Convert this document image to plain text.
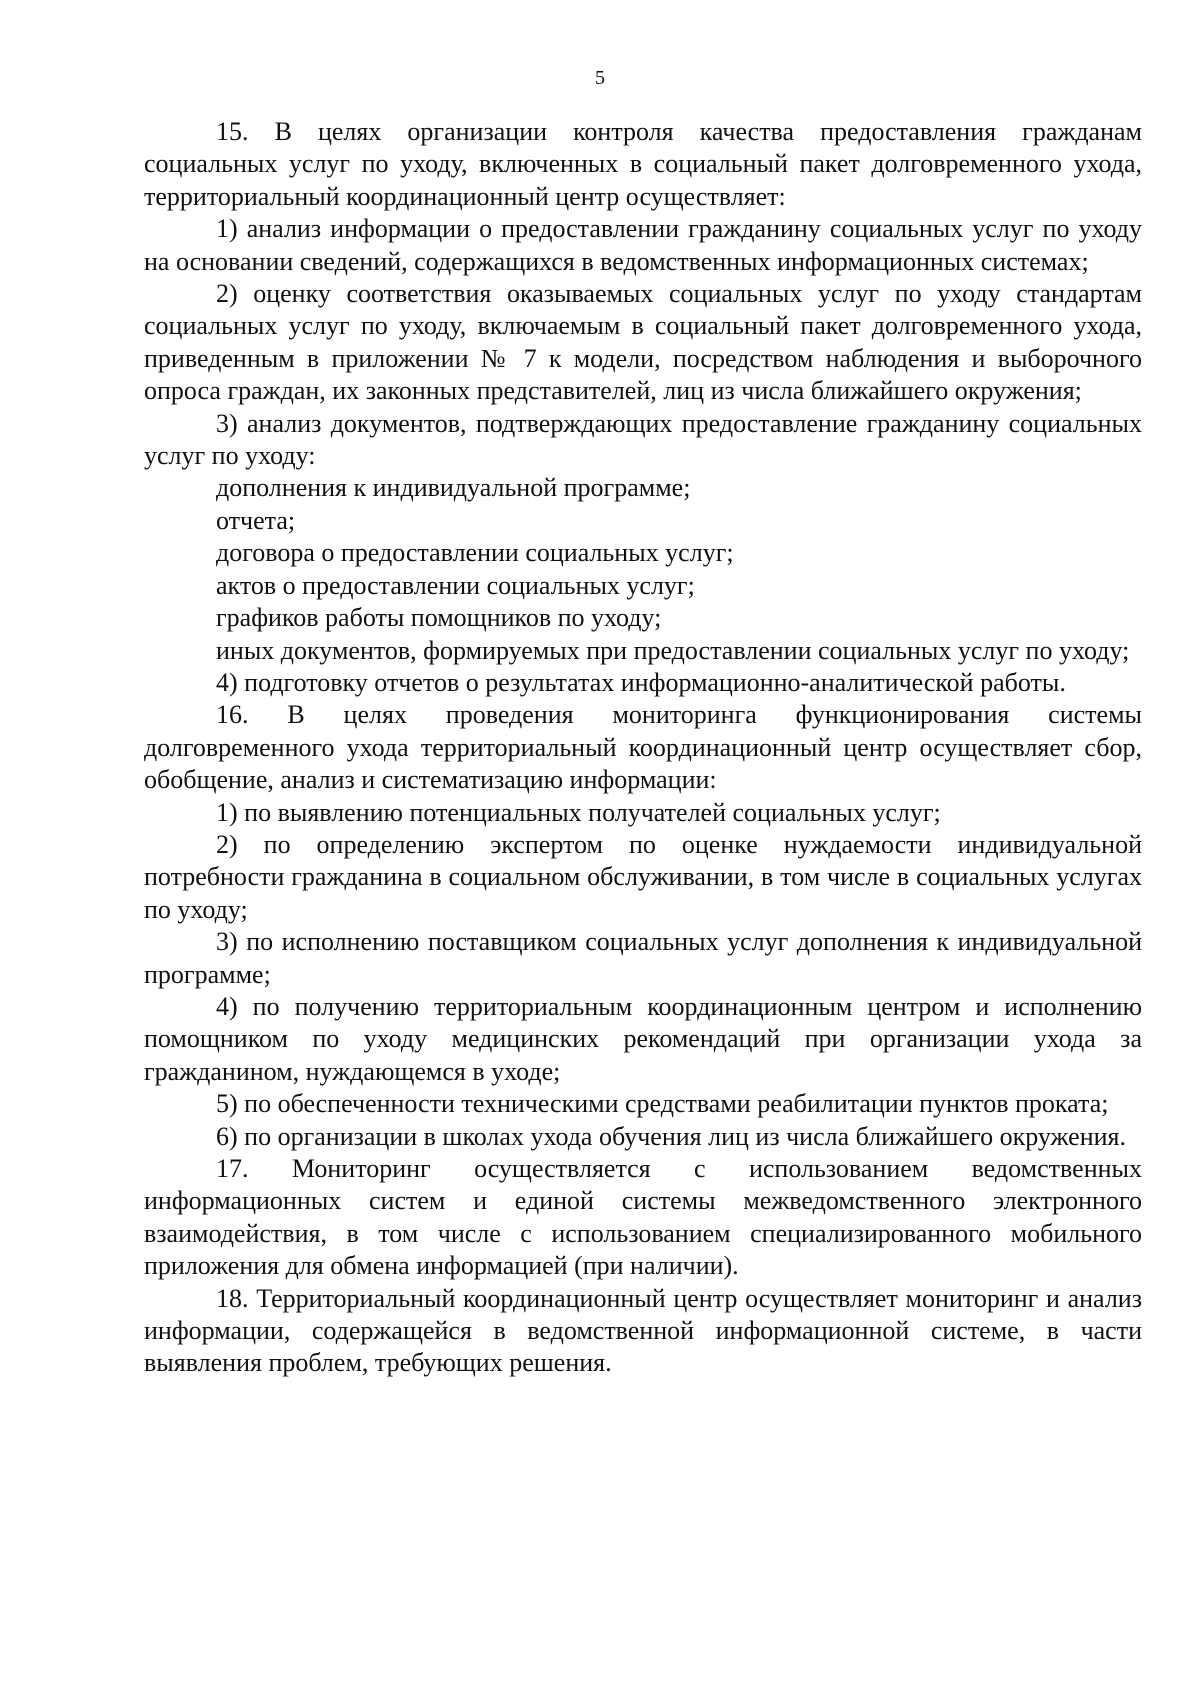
5

15. В целях организации контроля качества предоставления гражданам социальных услуг по уходу, включенных в социальный пакет долговременного ухода, территориальный координационный центр осуществляет:

1) анализ информации о предоставлении гражданину социальных услуг по уходу на основании сведений, содержащихся в ведомственных информационных системах;

2) оценку соответствия оказываемых социальных услуг по уходу стандартам социальных услуг по уходу, включаемым в социальный пакет долговременного ухода, приведенным в приложении № 7 к модели, посредством наблюдения и выборочного опроса граждан, их законных представителей, лиц из числа ближайшего окружения;

3) анализ документов, подтверждающих предоставление гражданину социальных услуг по уходу:

дополнения к индивидуальной программе;

отчета;

договора о предоставлении социальных услуг;

актов о предоставлении социальных услуг;

графиков работы помощников по уходу;

иных документов, формируемых при предоставлении социальных услуг по уходу;

4) подготовку отчетов о результатах информационно-аналитической работы.

16. В целях проведения мониторинга функционирования системы долговременного ухода территориальный координационный центр осуществляет сбор, обобщение, анализ и систематизацию информации:

1) по выявлению потенциальных получателей социальных услуг;

2) по определению экспертом по оценке нуждаемости индивидуальной потребности гражданина в социальном обслуживании, в том числе в социальных услугах по уходу;

3) по исполнению поставщиком социальных услуг дополнения к индивидуальной программе;

4) по получению территориальным координационным центром и исполнению помощником по уходу медицинских рекомендаций при организации ухода за гражданином, нуждающемся в уходе;

5) по обеспеченности техническими средствами реабилитации пунктов проката;

6) по организации в школах ухода обучения лиц из числа ближайшего окружения.

17. Мониторинг осуществляется с использованием ведомственных информационных систем и единой системы межведомственного электронного взаимодействия, в том числе с использованием специализированного мобильного приложения для обмена информацией (при наличии).

18. Территориальный координационный центр осуществляет мониторинг и анализ информации, содержащейся в ведомственной информационной системе, в части выявления проблем, требующих решения.
